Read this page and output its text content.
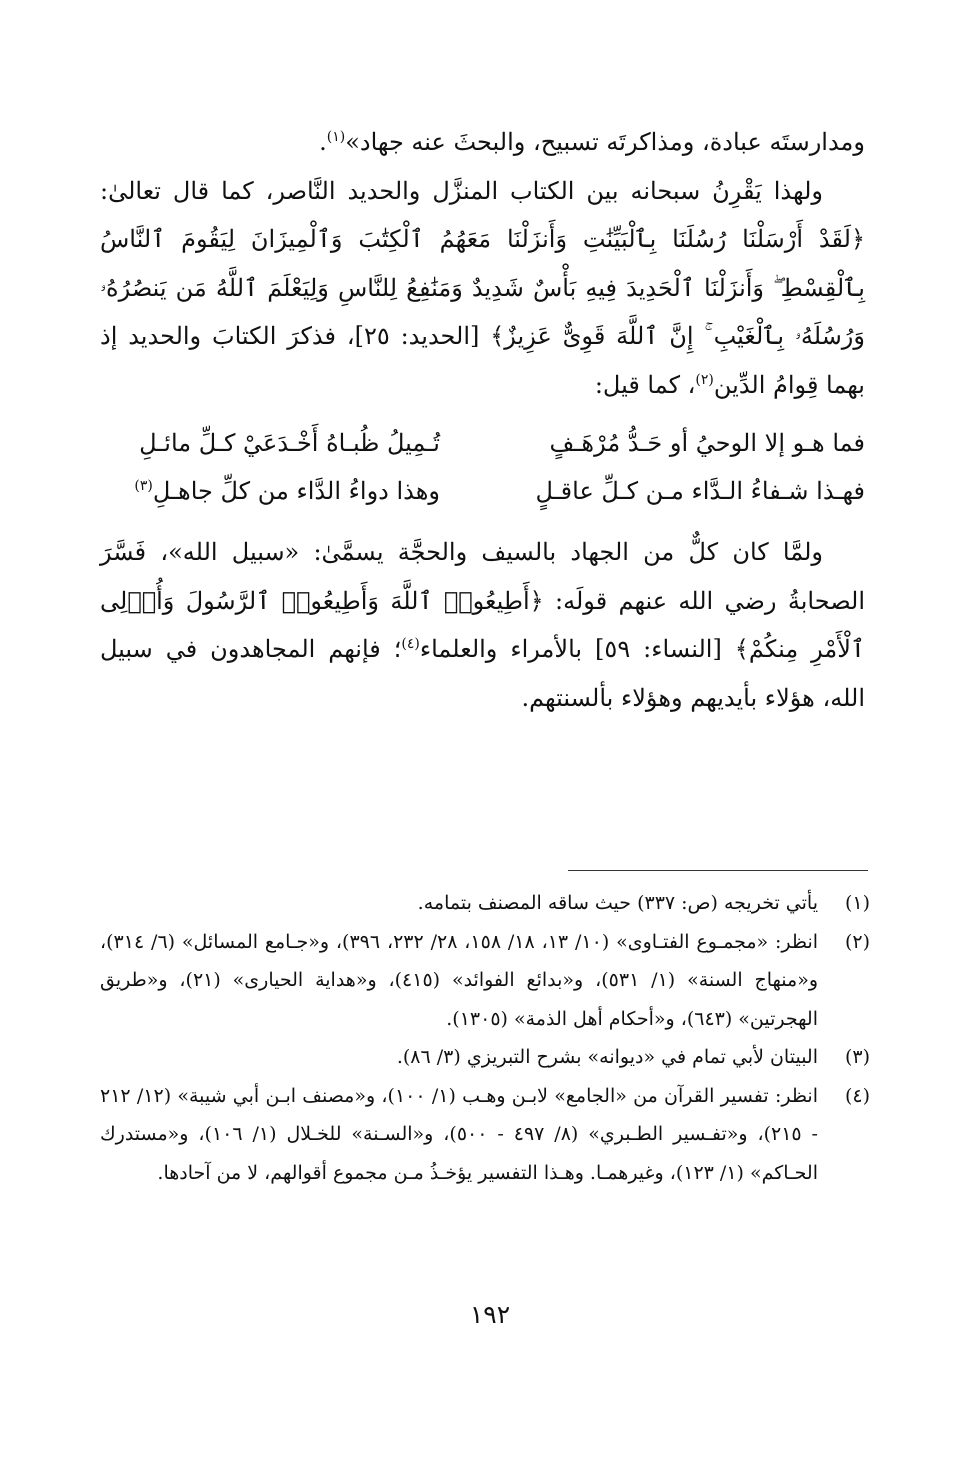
ومدارستَه عبادة، ومذاكرتَه تسبيح، والبحثَ عنه جهاد»$^{(١)}$.

ولهذا يَقْرِنُ سبحانه بين الكتاب المنزَّل والحديد النَّاصر، كما قال تعالىٰ: ﴿لَقَدْ أَرْسَلْنَا رُسُلَنَا بِٱلْبَيِّنَٰتِ وَأَنزَلْنَا مَعَهُمُ ٱلْكِتَٰبَ وَٱلْمِيزَانَ لِيَقُومَ ٱلنَّاسُ بِٱلْقِسْطِ ۖ وَأَنزَلْنَا ٱلْحَدِيدَ فِيهِ بَأْسٌ شَدِيدٌ وَمَنَٰفِعُ لِلنَّاسِ وَلِيَعْلَمَ ٱللَّهُ مَن يَنصُرُهُۥ وَرُسُلَهُۥ بِٱلْغَيْبِ ۚ إِنَّ ٱللَّهَ قَوِىٌّ عَزِيزٌ﴾ [الحديد: ٢٥]، فذكرَ الكتابَ والحديد إذ بهما قِوامُ الدِّين$^{(٢)}$، كما قيل:

فما هـو إلا الوحيُ أو حَـدُّ مُرْهَـفٍ
تُـمِيلُ ظُبـاهُ أَخْـدَعَيْ كـلِّ مائـلِ
فهـذا شـفاءُ الـدَّاء مـن كـلِّ عاقـلٍ
وهذا دواءُ الدَّاء من كلِّ جاهـلِ$^{(٣)}$

ولمَّا كان كلٌّ من الجهاد بالسيف والحجَّة يسمَّىٰ: «سبيل الله»، فَسَّرَ الصحابةُ رضي الله عنهم قولَه: ﴿أَطِيعُوا۟ ٱللَّهَ وَأَطِيعُوا۟ ٱلرَّسُولَ وَأُو۟لِى ٱلْأَمْرِ مِنكُمْ﴾ [النساء: ٥٩] بالأمراء والعلماء$^{(٤)}$؛ فإنهم المجاهدون في سبيل الله، هؤلاء بأيديهم وهؤلاء بألسنتهم.

(١)
يأتي تخريجه (ص: ٣٣٧) حيث ساقه المصنف بتمامه.
(٢)
انظر: «مجمـوع الفتـاوى» (١٠/ ١٣، ١٨/ ١٥٨، ٢٨/ ٢٣٢، ٣٩٦)، و«جـامع المسائل» (٦/ ٣١٤)، و«منهاج السنة» (١/ ٥٣١)، و«بدائع الفوائد» (٤١٥)، و«هداية الحيارى» (٢١)، و«طريق الهجرتين» (٦٤٣)، و«أحكام أهل الذمة» (١٣٠٥).
(٣)
البيتان لأبي تمام في «ديوانه» بشرح التبريزي (٣/ ٨٦).
(٤)
انظر: تفسير القرآن من «الجامع» لابـن وهـب (١/ ١٠٠)، و«مصنف ابـن أبي شيبة» (١٢/ ٢١٢ - ٢١٥)، و«تفـسير الطـبري» (٨/ ٤٩٧ - ٥٠٠)، و«السـنة» للخـلال (١/ ١٠٦)، و«مستدرك الحـاكم» (١/ ١٢٣)، وغيرهمـا. وهـذا التفسير يؤخـذُ مـن مجموع أقوالهم، لا من آحادها.
١٩٢
